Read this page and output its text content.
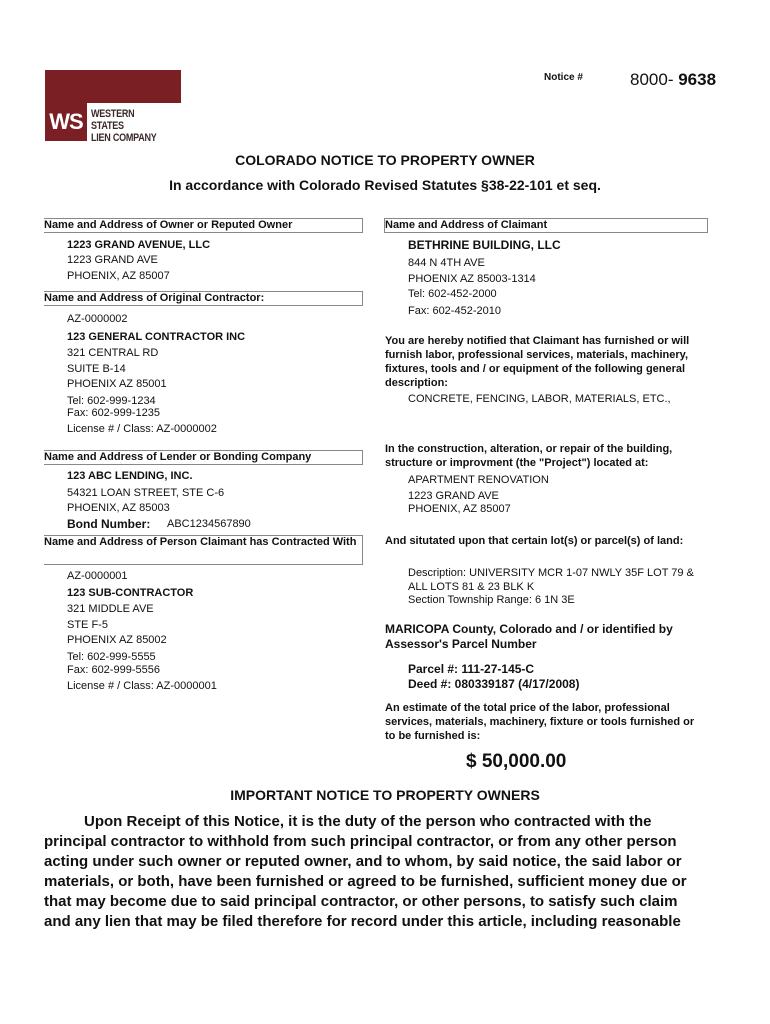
WS WESTERN STATES
LIEN COMPANY
Notice #	8000- 9638
COLORADO NOTICE TO PROPERTY OWNER
In accordance with Colorado Revised Statutes §38-22-101 et seq.
Name and Address of Owner or Reputed Owner
1223 GRAND AVENUE, LLC
1223 GRAND AVE
PHOENIX, AZ 85007
Name and Address of Original Contractor:
AZ-0000002
123 GENERAL CONTRACTOR INC
321 CENTRAL RD
SUITE B-14
PHOENIX AZ 85001
Tel: 602-999-1234
Fax: 602-999-1235
License # / Class: AZ-0000002
Name and Address of Lender or Bonding Company
123 ABC LENDING, INC.
54321 LOAN STREET, STE C-6
PHOENIX, AZ 85003
Bond Number: ABC1234567890
Name and Address of Person Claimant has Contracted With
AZ-0000001
123 SUB-CONTRACTOR
321 MIDDLE AVE
STE F-5
PHOENIX AZ 85002
Tel: 602-999-5555
Fax: 602-999-5556
License # / Class: AZ-0000001
Name and Address of Claimant
BETHRINE BUILDING, LLC
844 N 4TH AVE
PHOENIX AZ 85003-1314
Tel: 602-452-2000
Fax: 602-452-2010
You are hereby notified that Claimant has furnished or will furnish labor, professional services, materials, machinery, fixtures, tools and / or equipment of the following general description:
CONCRETE, FENCING, LABOR, MATERIALS, ETC.,
In the construction, alteration, or repair of the building, structure or improvment (the "Project") located at:
APARTMENT RENOVATION
1223 GRAND AVE
PHOENIX, AZ 85007
And situtated upon that certain lot(s) or parcel(s) of land:
Description: UNIVERSITY MCR 1-07 NWLY 35F LOT 79 & ALL LOTS 81 & 23 BLK K
Section Township Range: 6 1N 3E
MARICOPA County, Colorado and / or identified by Assessor's Parcel Number
Parcel #: 111-27-145-C
Deed #: 080339187 (4/17/2008)
An estimate of the total price of the labor, professional services, materials, machinery, fixture or tools furnished or to be furnished is:
$ 50,000.00
IMPORTANT NOTICE TO PROPERTY OWNERS
Upon Receipt of this Notice, it is the duty of the person who contracted with the principal contractor to withhold from such principal contractor, or from any other person acting under such owner or reputed owner, and to whom, by said notice, the said labor or materials, or both, have been furnished or agreed to be furnished, sufficient money due or that may become due to said principal contractor, or other persons, to satisfy such claim and any lien that may be filed therefore for record under this article, including reasonable
